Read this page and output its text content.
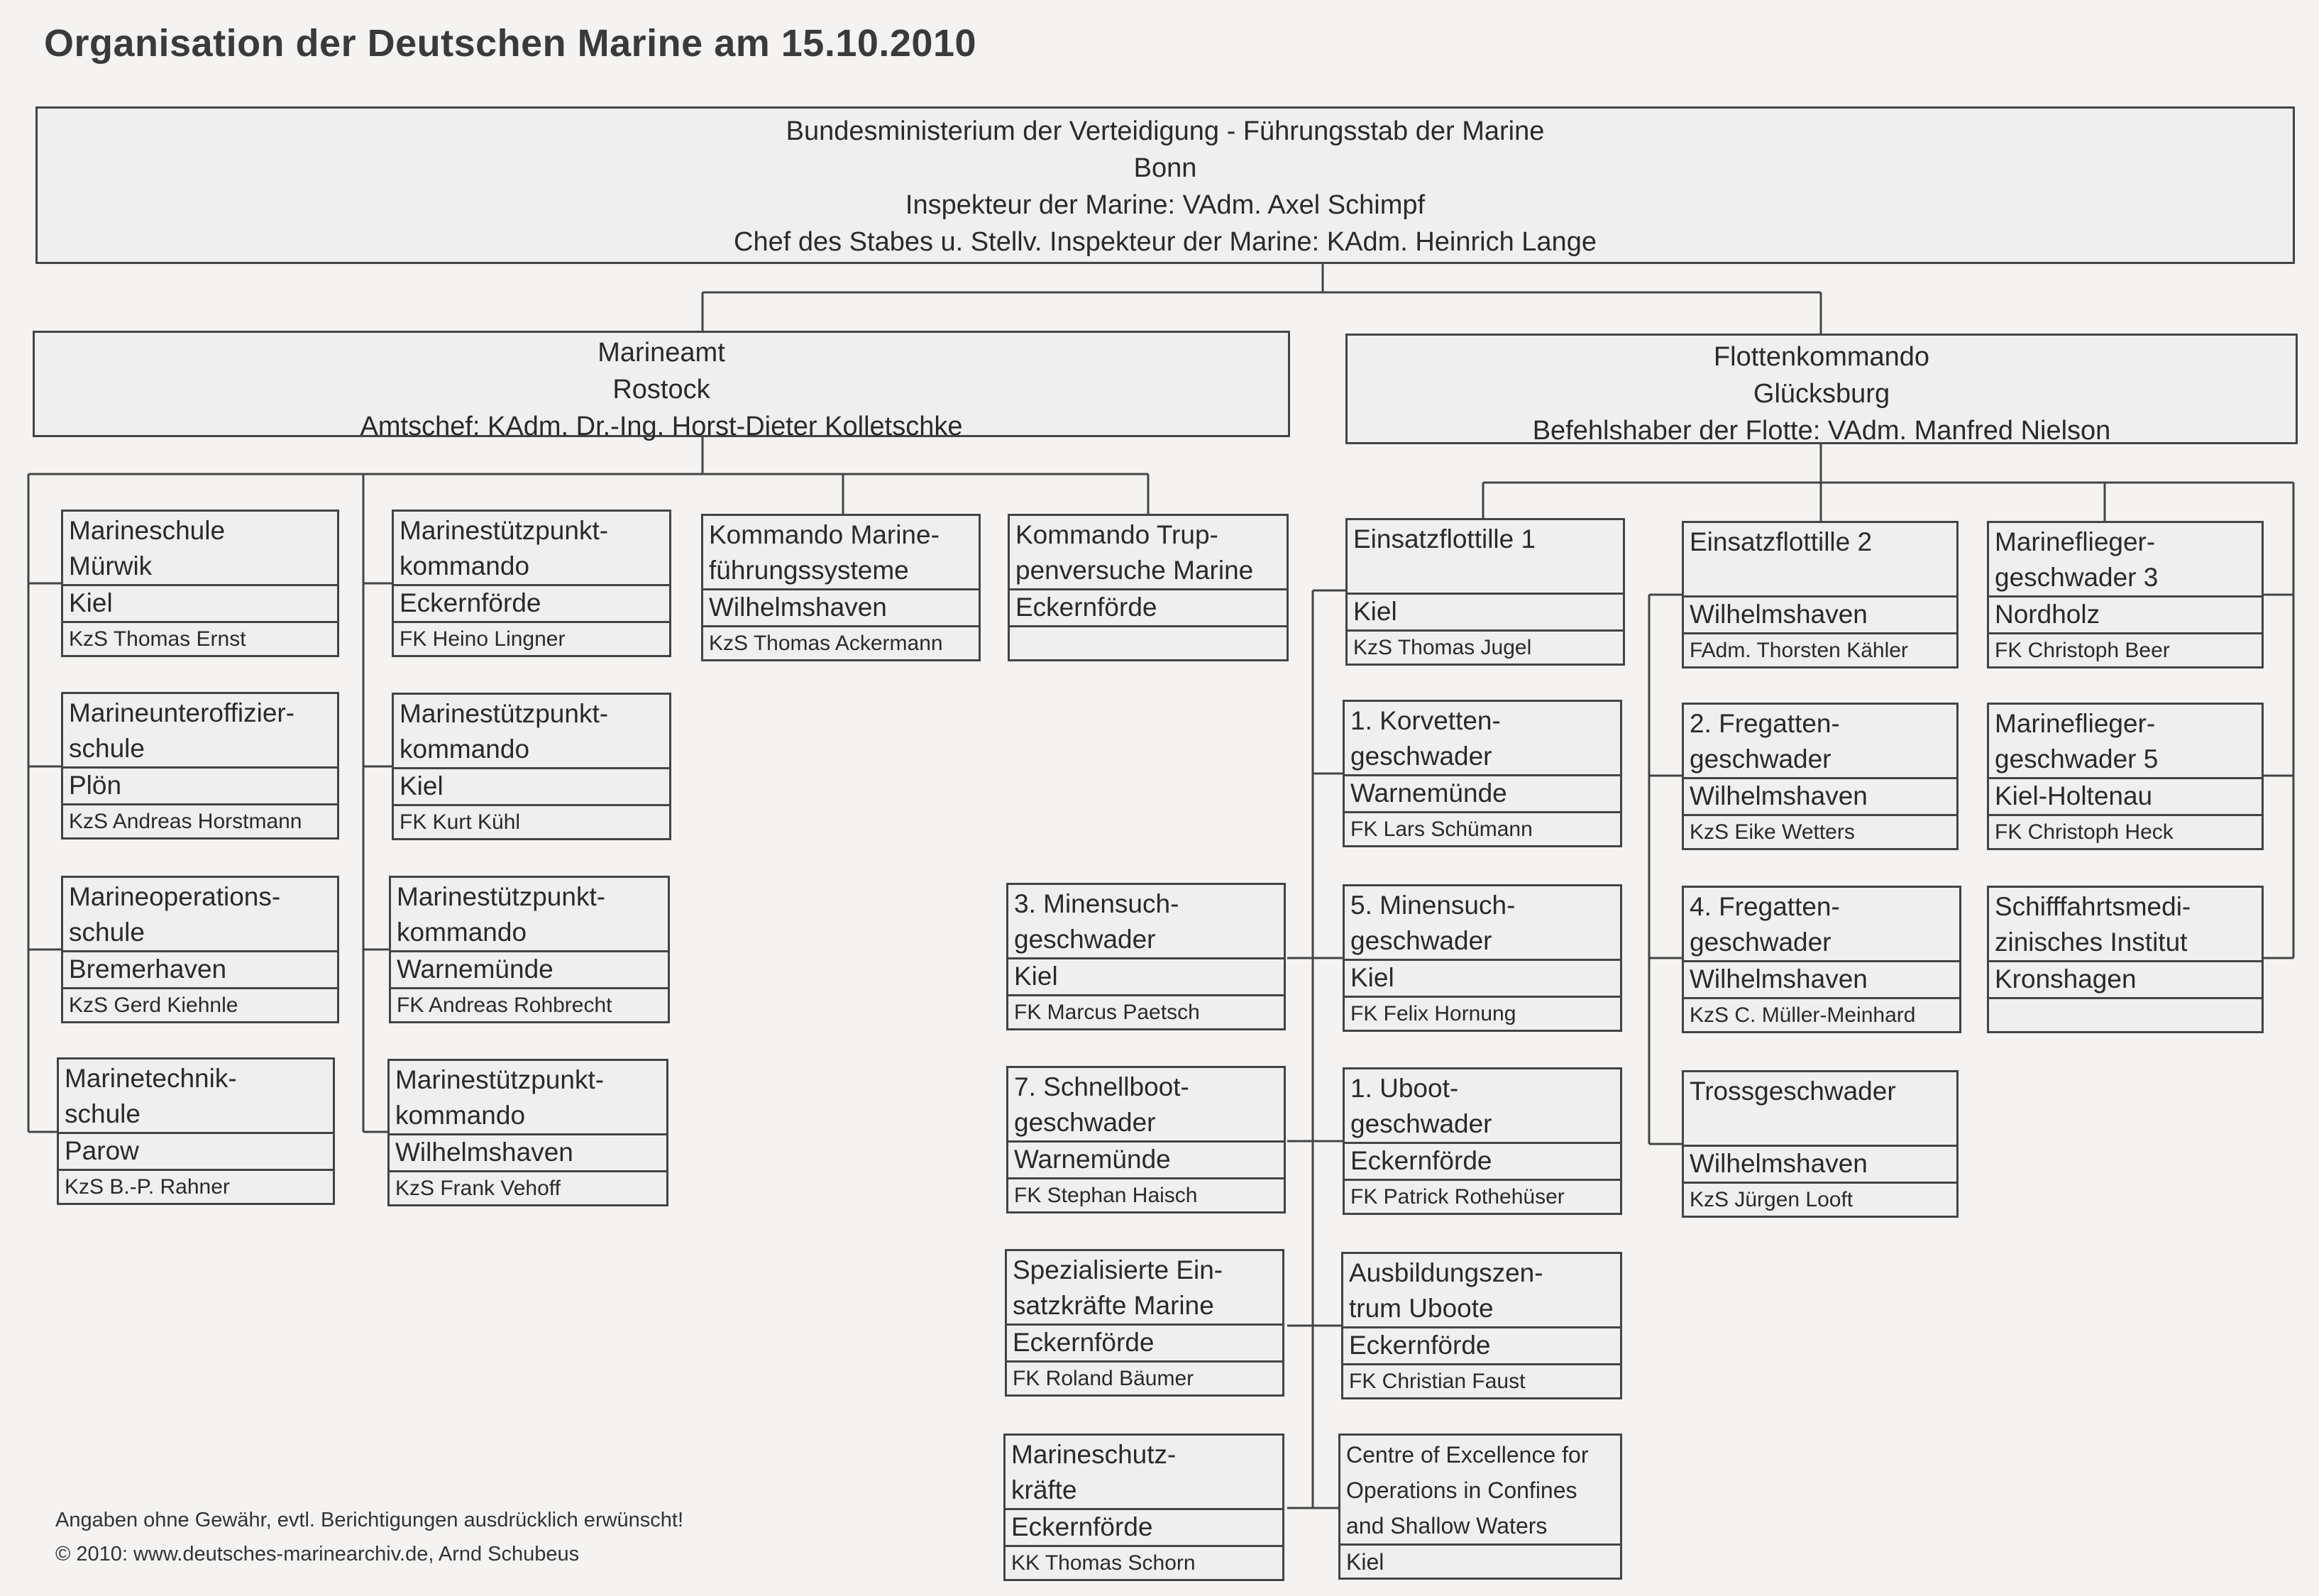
Organisation der Deutschen Marine am 15.10.2010
Bundesministerium der Verteidigung - Führungsstab der Marine
Bonn
Inspekteur der Marine: VAdm. Axel Schimpf
Chef des Stabes u. Stellv. Inspekteur der Marine: KAdm. Heinrich Lange
Marineamt
Rostock
Amtschef: KAdm. Dr.-Ing. Horst-Dieter Kolletschke
Flottenkommando
Glücksburg
Befehlshaber der Flotte: VAdm. Manfred Nielson
Marineschule
Mürwik
Kiel
KzS Thomas Ernst
Marineunteroffizier-
schule
Plön
KzS Andreas Horstmann
Marineoperations-
schule
Bremerhaven
KzS Gerd Kiehnle
Marinetechnik-
schule
Parow
KzS B.-P. Rahner
Marinestützpunkt-
kommando
Eckernförde
FK Heino Lingner
Marinestützpunkt-
kommando
Kiel
FK Kurt Kühl
Marinestützpunkt-
kommando
Warnemünde
FK Andreas Rohbrecht
Marinestützpunkt-
kommando
Wilhelmshaven
KzS Frank Vehoff
Kommando Marine-
führungssysteme
Wilhelmshaven
KzS Thomas Ackermann
Kommando Trup-
penversuche Marine
Eckernförde
Einsatzflottille 1

Kiel
KzS Thomas Jugel
1. Korvetten-
geschwader
Warnemünde
FK Lars Schümann
5. Minensuch-
geschwader
Kiel
FK Felix Hornung
1. Uboot-
geschwader
Eckernförde
FK Patrick Rothehüser
Ausbildungszen-
trum Uboote
Eckernförde
FK Christian Faust
Centre of Excellence for
Operations in Confines
and Shallow Waters
Kiel
3. Minensuch-
geschwader
Kiel
FK Marcus Paetsch
7. Schnellboot-
geschwader
Warnemünde
FK Stephan Haisch
Spezialisierte Ein-
satzkräfte Marine
Eckernförde
FK Roland Bäumer
Marineschutz-
kräfte
Eckernförde
KK Thomas Schorn
Einsatzflottille 2

Wilhelmshaven
FAdm. Thorsten Kähler
2. Fregatten-
geschwader
Wilhelmshaven
KzS Eike Wetters
4. Fregatten-
geschwader
Wilhelmshaven
KzS C. Müller-Meinhard
Trossgeschwader

Wilhelmshaven
KzS Jürgen Looft
Marineflieger-
geschwader 3
Nordholz
FK Christoph Beer
Marineflieger-
geschwader 5
Kiel-Holtenau
FK Christoph Heck
Schifffahrtsmedi-
zinisches Institut
Kronshagen
Angaben ohne Gewähr, evtl. Berichtigungen ausdrücklich erwünscht!
© 2010: www.deutsches-marinearchiv.de, Arnd Schubeus
